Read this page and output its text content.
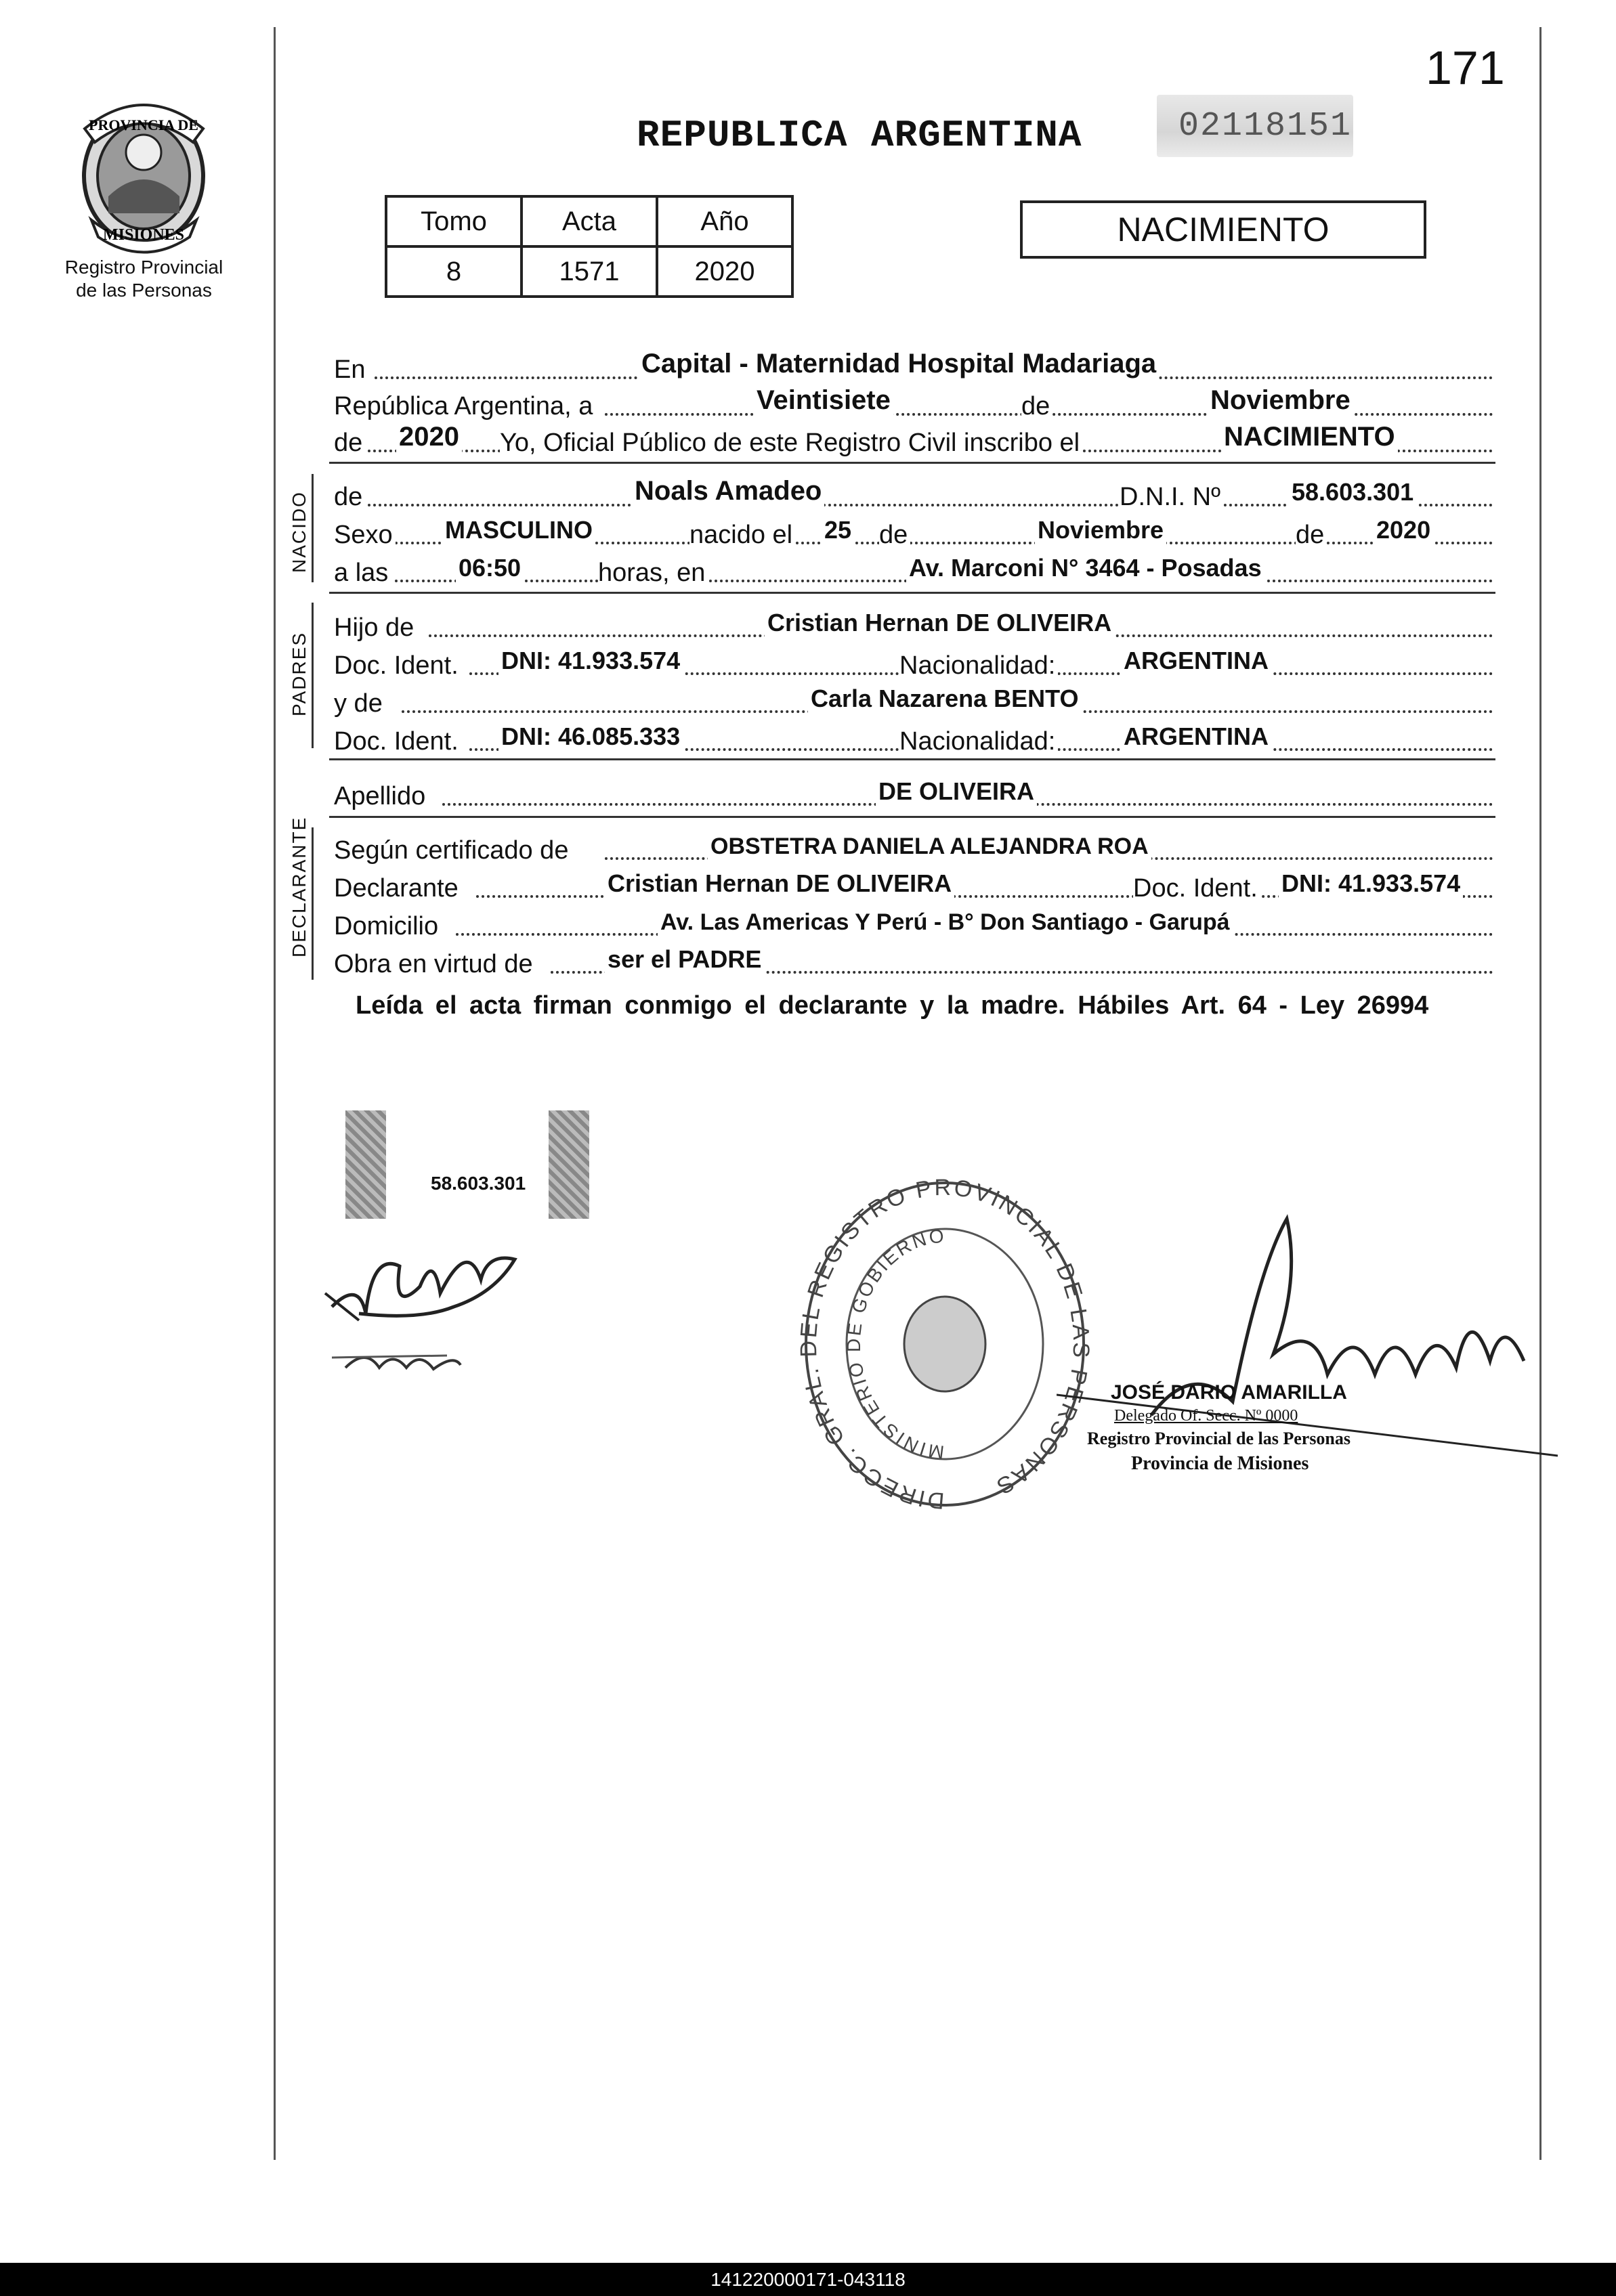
171
PROVINCIA DE
MISIONES
Registro Provincial
de las Personas
REPUBLICA ARGENTINA	02118151
Tomo	Acta	Año
8	1571	2020
NACIMIENTO
En	Capital - Maternidad Hospital Madariaga
República Argentina, a	Veintisiete	de	Noviembre
de 2020 Yo, Oficial Público de este Registro Civil inscribo el	NACIMIENTO
NACIDO de	Noals Amadeo	D.N.I. Nº	58.603.301
Sexo MASCULINO	nacido el 25 de	Noviembre	de 2020
a las	06:50	horas, en	Av. Marconi N° 3464 - Posadas
PADRES
Hijo de	Cristian Hernan DE OLIVEIRA
Doc. Ident. DNI: 41.933.574	Nacionalidad:	ARGENTINA
y de	Carla Nazarena BENTO
Doc. Ident. DNI: 46.085.333	Nacionalidad:	ARGENTINA
Apellido	DE OLIVEIRA
DECLARANTE Según certificado de	OBSTETRA DANIELA ALEJANDRA ROA
Declarante	Cristian Hernan DE OLIVEIRA	Doc. Ident. DNI: 41.933.574
Domicilio	Av. Las Americas Y Perú - B° Don Santiago - Garupá
Obra en virtud de	ser el PADRE
Leída el acta firman conmigo el declarante y la madre. Hábiles Art. 64 - Ley 26994
58.603.301
DIRECC. GRAL. L REGISTRO PROVINCIAL DE L PERSONAS
MINISTERIO DE GOBIERNO
JOSÉ DARIO AMARILLA
Delegado Of. Secc. Nº 0000
Registro Provincial de las Personas
Provincia de Misiones
141220000171-043118
